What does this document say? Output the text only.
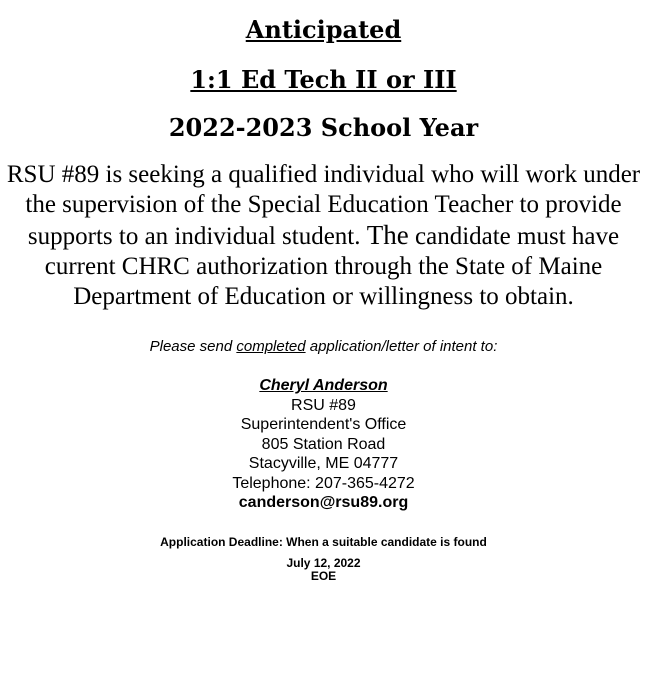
Anticipated
1:1 Ed Tech II or III
2022-2023 School Year

RSU #89 is seeking a qualified individual who will work under the supervision of the Special Education Teacher to provide supports to an individual student. The candidate must have current CHRC authorization through the State of Maine Department of Education or willingness to obtain.

Please send completed application/letter of intent to:
Cheryl Anderson
RSU #89
Superintendent's Office
805 Station Road
Stacyville, ME 04777
Telephone: 207-365-4272
canderson@rsu89.org
Application Deadline: When a suitable candidate is found
July 12, 2022
EOE
